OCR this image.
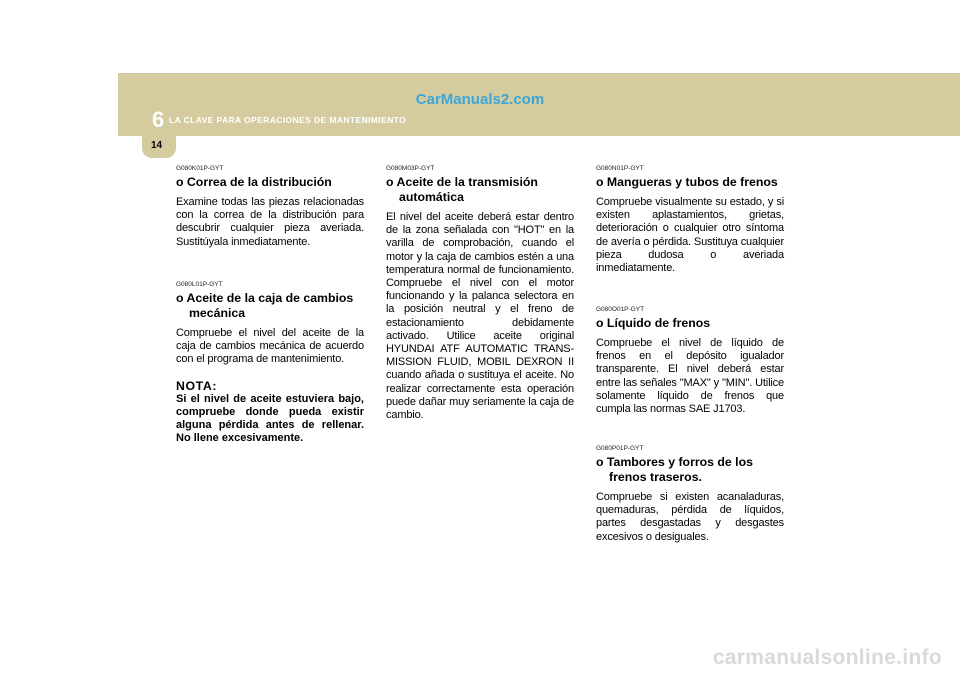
6 LA CLAVE PARA OPERACIONES DE MANTENIMIENTO
CarManuals2.com
14
G080K01P-GYT
o Correa de la distribución
Examine todas las piezas relacionadas con la correa de la distribución para descubrir cualquier pieza averiada. Sustitúyala inmediatamente.
G080L01P-GYT
o Aceite de la caja de cambios mecánica
Compruebe el nivel del aceite de la caja de cambios mecánica de acuerdo con el programa de mantenimiento.
NOTA:
Si el nivel de aceite estuviera bajo, compruebe donde pueda existir alguna pérdida antes de rellenar. No llene excesivamente.
G080M03P-GYT
o Aceite de la transmisión automática
El nivel del aceite deberá estar dentro de la zona señalada con "HOT" en la varilla de comprobación, cuando el motor y la caja de cambios estén a una temperatura normal de funcionamiento. Compruebe el nivel con el motor funcionando y la palanca selectora en la posición neutral y el freno de estacionamiento debidamente activado. Utilice aceite original HYUNDAI ATF AUTOMATIC TRANS-MISSION FLUID, MOBIL DEXRON II cuando añada o sustituya el aceite. No realizar correctamente esta operación puede dañar muy seriamente la caja de cambio.
G080N01P-GYT
o Mangueras y tubos de frenos
Compruebe visualmente su estado, y si existen aplastamientos, grietas, deterioración o cualquier otro síntoma de avería o pérdida. Sustituya cualquier pieza dudosa o averiada inmediatamente.
G080O01P-GYT
o Líquido de frenos
Compruebe el nivel de líquido de frenos en el depósito igualador transparente. El nivel deberá estar entre las señales "MAX" y "MIN". Utilice solamente líquido de frenos que cumpla las normas SAE J1703.
G080P01P-GYT
o Tambores y forros de los frenos traseros.
Compruebe si existen acanaladuras, quemaduras, pérdida de líquidos, partes desgastadas y desgastes excesivos o desiguales.
carmanualsonline.info
